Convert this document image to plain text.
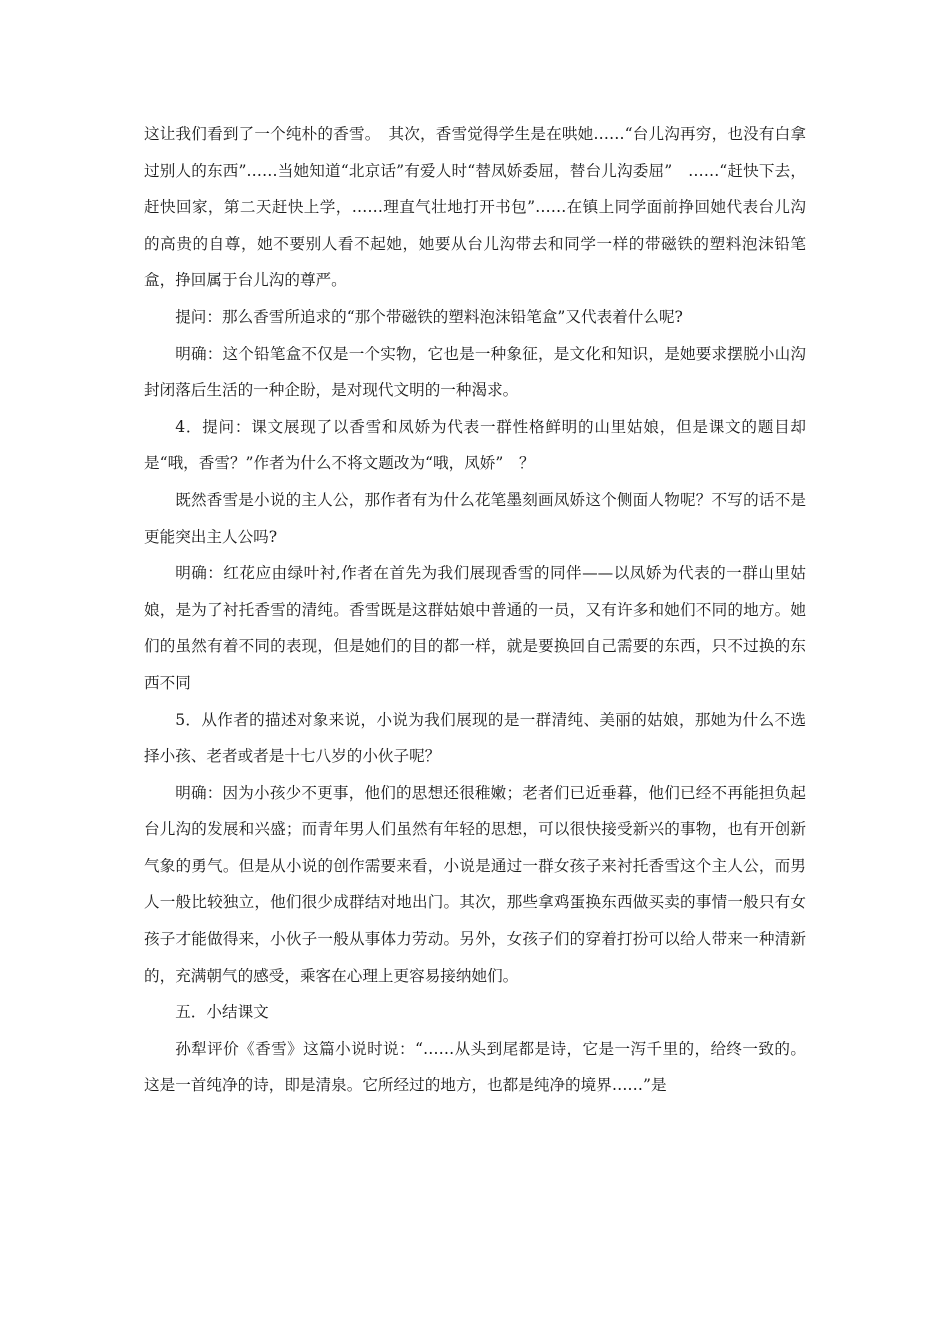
这让我们看到了一个纯朴的香雪。　其次，香雪觉得学生是在哄她……“台儿沟再穷，也没有白拿过别人的东西”……当她知道“北京话”有爱人时“替凤娇委屈，替台儿沟委屈”　……“赶快下去，赶快回家，第二天赶快上学，……理直气壮地打开书包”……在镇上同学面前挣回她代表台儿沟的高贵的自尊，她不要别人看不起她，她要从台儿沟带去和同学一样的带磁铁的塑料泡沫铅笔盒，挣回属于台儿沟的尊严。

提问：那么香雪所追求的“那个带磁铁的塑料泡沫铅笔盒”又代表着什么呢?

明确：这个铅笔盒不仅是一个实物，它也是一种象征，是文化和知识，是她要求摆脱小山沟封闭落后生活的一种企盼，是对现代文明的一种渴求。

4．提问：课文展现了以香雪和凤娇为代表一群性格鲜明的山里姑娘，但是课文的题目却是“哦，香雪？”作者为什么不将文题改为“哦，凤娇”　？

既然香雪是小说的主人公，那作者有为什么花笔墨刻画凤娇这个侧面人物呢？不写的话不是更能突出主人公吗?

明确：红花应由绿叶衬,作者在首先为我们展现香雪的同伴——以凤娇为代表的一群山里姑娘，是为了衬托香雪的清纯。香雪既是这群姑娘中普通的一员，又有许多和她们不同的地方。她们的虽然有着不同的表现，但是她们的目的都一样，就是要换回自己需要的东西，只不过换的东西不同

5．从作者的描述对象来说，小说为我们展现的是一群清纯、美丽的姑娘，那她为什么不选择小孩、老者或者是十七八岁的小伙子呢？

明确：因为小孩少不更事，他们的思想还很稚嫩；老者们已近垂暮，他们已经不再能担负起台儿沟的发展和兴盛；而青年男人们虽然有年轻的思想，可以很快接受新兴的事物，也有开创新气象的勇气。但是从小说的创作需要来看，小说是通过一群女孩子来衬托香雪这个主人公，而男人一般比较独立，他们很少成群结对地出门。其次，那些拿鸡蛋换东西做买卖的事情一般只有女孩子才能做得来，小伙子一般从事体力劳动。另外，女孩子们的穿着打扮可以给人带来一种清新的，充满朝气的感受，乘客在心理上更容易接纳她们。

五．小结课文

孙犁评价《香雪》这篇小说时说：“……从头到尾都是诗，它是一泻千里的，给终一致的。这是一首纯净的诗，即是清泉。它所经过的地方，也都是纯净的境界……”是
